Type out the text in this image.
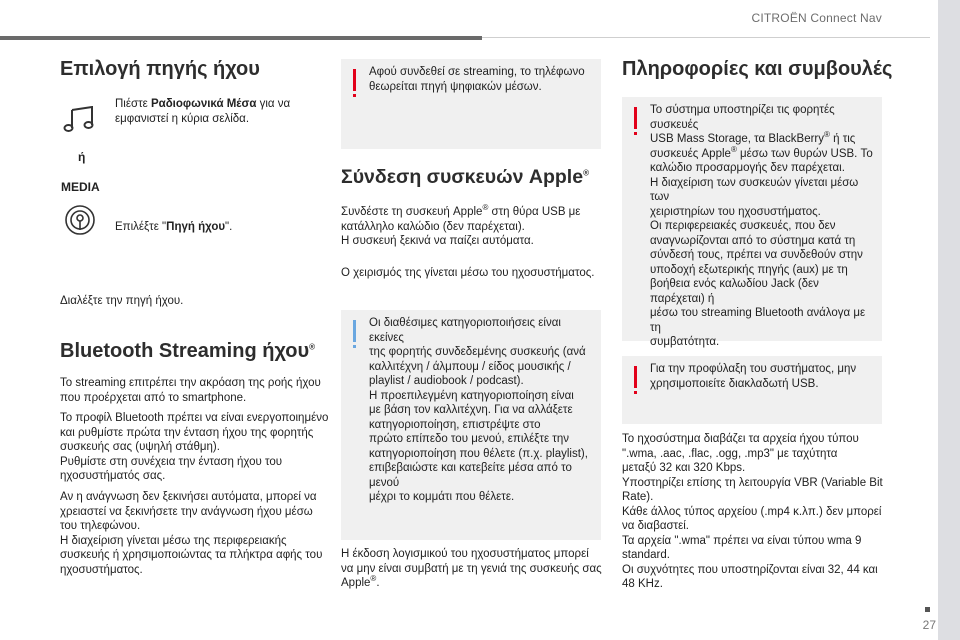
CITROËN Connect Nav
27
Επιλογή πηγής ήχου
Πιέστε Ραδιοφωνικά Μέσα για να
εμφανιστεί η κύρια σελίδα.
ή
MEDIA
Επιλέξτε "Πηγή ήχου".
Διαλέξτε την πηγή ήχου.
Bluetooth Streaming ήχου®
Το streaming επιτρέπει την ακρόαση της ροής ήχου
που προέρχεται από το smartphone.
Το προφίλ Bluetooth πρέπει να είναι ενεργοποιημένο
και ρυθμίστε πρώτα την ένταση ήχου της φορητής
συσκευής σας (υψηλή στάθμη).
Ρυθμίστε στη συνέχεια την ένταση ήχου του
ηχοσυστήματός σας.
Αν η ανάγνωση δεν ξεκινήσει αυτόματα, μπορεί να
χρειαστεί να ξεκινήσετε την ανάγνωση ήχου μέσω
του τηλεφώνου.
Η διαχείριση γίνεται μέσω της περιφερειακής
συσκευής ή χρησιμοποιώντας τα πλήκτρα αφής του
ηχοσυστήματος.
Αφού συνδεθεί σε streaming, το τηλέφωνο
θεωρείται πηγή ψηφιακών μέσων.
Σύνδεση συσκευών Apple®
Συνδέστε τη συσκευή Apple® στη θύρα USB με
κατάλληλο καλώδιο (δεν παρέχεται).
Η συσκευή ξεκινά να παίζει αυτόματα.
Ο χειρισμός της γίνεται μέσω του ηχοσυστήματος.
Οι διαθέσιμες κατηγοριοποιήσεις είναι εκείνες
της φορητής συνδεδεμένης συσκευής (ανά
καλλιτέχνη / άλμπουμ / είδος μουσικής /
playlist / audiobook / podcast).
Η προεπιλεγμένη κατηγοριοποίηση είναι
με βάση τον καλλιτέχνη. Για να αλλάξετε
κατηγοριοποίηση, επιστρέψτε στο
πρώτο επίπεδο του μενού, επιλέξτε την
κατηγοριοποίηση που θέλετε (π.χ. playlist),
επιβεβαιώστε και κατεβείτε μέσα από το μενού
μέχρι το κομμάτι που θέλετε.
Η έκδοση λογισμικού του ηχοσυστήματος μπορεί
να μην είναι συμβατή με τη γενιά της συσκευής σας
Apple®.
Πληροφορίες και συμβουλές
Το σύστημα υποστηρίζει τις φορητές συσκευές
USB Mass Storage, τα BlackBerry® ή τις
συσκευές Apple® μέσω των θυρών USB. Το
καλώδιο προσαρμογής δεν παρέχεται.
Η διαχείριση των συσκευών γίνεται μέσω των
χειριστηρίων του ηχοσυστήματος.
Οι περιφερειακές συσκευές, που δεν
αναγνωρίζονται από το σύστημα κατά τη
σύνδεσή τους, πρέπει να συνδεθούν στην
υποδοχή εξωτερικής πηγής (aux) με τη
βοήθεια ενός καλωδίου Jack (δεν παρέχεται) ή
μέσω του streaming Bluetooth ανάλογα με τη
συμβατότητα.
Για την προφύλαξη του συστήματος, μην
χρησιμοποιείτε διακλαδωτή USB.
Το ηχοσύστημα διαβάζει τα αρχεία ήχου τύπου
".wma, .aac, .flac, .ogg, .mp3" με ταχύτητα
μεταξύ 32 και 320 Kbps.
Υποστηρίζει επίσης τη λειτουργία VBR (Variable Bit
Rate).
Κάθε άλλος τύπος αρχείου (.mp4 κ.λπ.) δεν μπορεί
να διαβαστεί.
Τα αρχεία ".wma" πρέπει να είναι τύπου wma 9
standard.
Οι συχνότητες που υποστηρίζονται είναι 32, 44 και
48 KHz.
